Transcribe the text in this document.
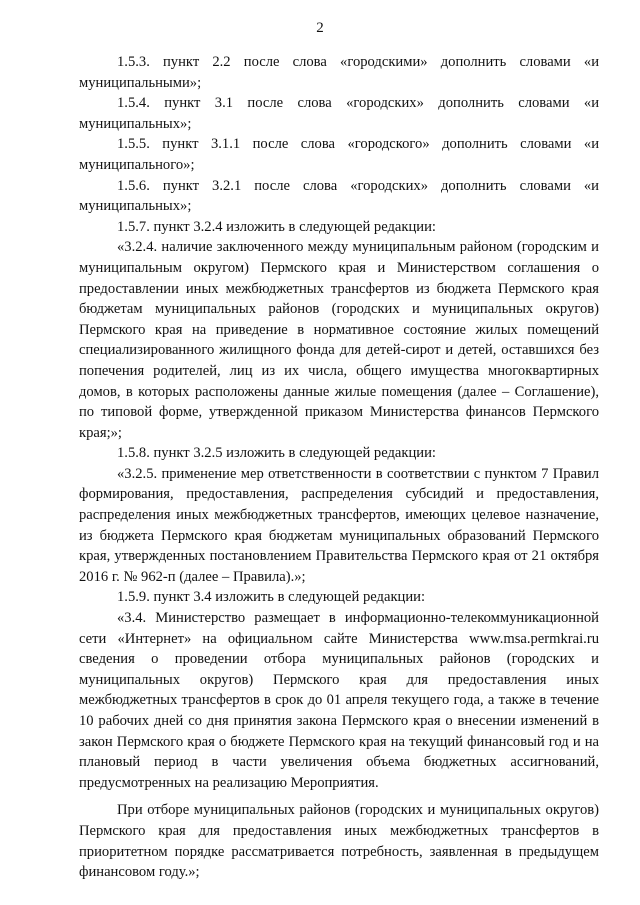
2

1.5.3. пункт 2.2 после слова «городскими» дополнить словами «и муниципальными»;

1.5.4. пункт 3.1 после слова «городских» дополнить словами «и муниципальных»;

1.5.5. пункт 3.1.1 после слова «городского» дополнить словами «и муниципального»;

1.5.6. пункт 3.2.1 после слова «городских» дополнить словами «и муниципальных»;

1.5.7. пункт 3.2.4 изложить в следующей редакции:

«3.2.4. наличие заключенного между муниципальным районом (городским и муниципальным округом) Пермского края и Министерством соглашения о предоставлении иных межбюджетных трансфертов из бюджета Пермского края бюджетам муниципальных районов (городских и муниципальных округов) Пермского края на приведение в нормативное состояние жилых помещений специализированного жилищного фонда для детей-сирот и детей, оставшихся без попечения родителей, лиц из их числа, общего имущества многоквартирных домов, в которых расположены данные жилые помещения (далее – Соглашение), по типовой форме, утвержденной приказом Министерства финансов Пермского края;»;

1.5.8. пункт 3.2.5 изложить в следующей редакции:

«3.2.5. применение мер ответственности в соответствии с пунктом 7 Правил формирования, предоставления, распределения субсидий и предоставления, распределения иных межбюджетных трансфертов, имеющих целевое назначение, из бюджета Пермского края бюджетам муниципальных образований Пермского края, утвержденных постановлением Правительства Пермского края от 21 октября 2016 г. № 962-п (далее – Правила).»;

1.5.9. пункт 3.4 изложить в следующей редакции:

«3.4. Министерство размещает в информационно-телекоммуникационной сети «Интернет» на официальном сайте Министерства www.msa.permkrai.ru сведения о проведении отбора муниципальных районов (городских и муниципальных округов) Пермского края для предоставления иных межбюджетных трансфертов в срок до 01 апреля текущего года, а также в течение 10 рабочих дней со дня принятия закона Пермского края о внесении изменений в закон Пермского края о бюджете Пермского края на текущий финансовый год и на плановый период в части увеличения объема бюджетных ассигнований, предусмотренных на реализацию Мероприятия.

При отборе муниципальных районов (городских и муниципальных округов) Пермского края для предоставления иных межбюджетных трансфертов в приоритетном порядке рассматривается потребность, заявленная в предыдущем финансовом году.»;
